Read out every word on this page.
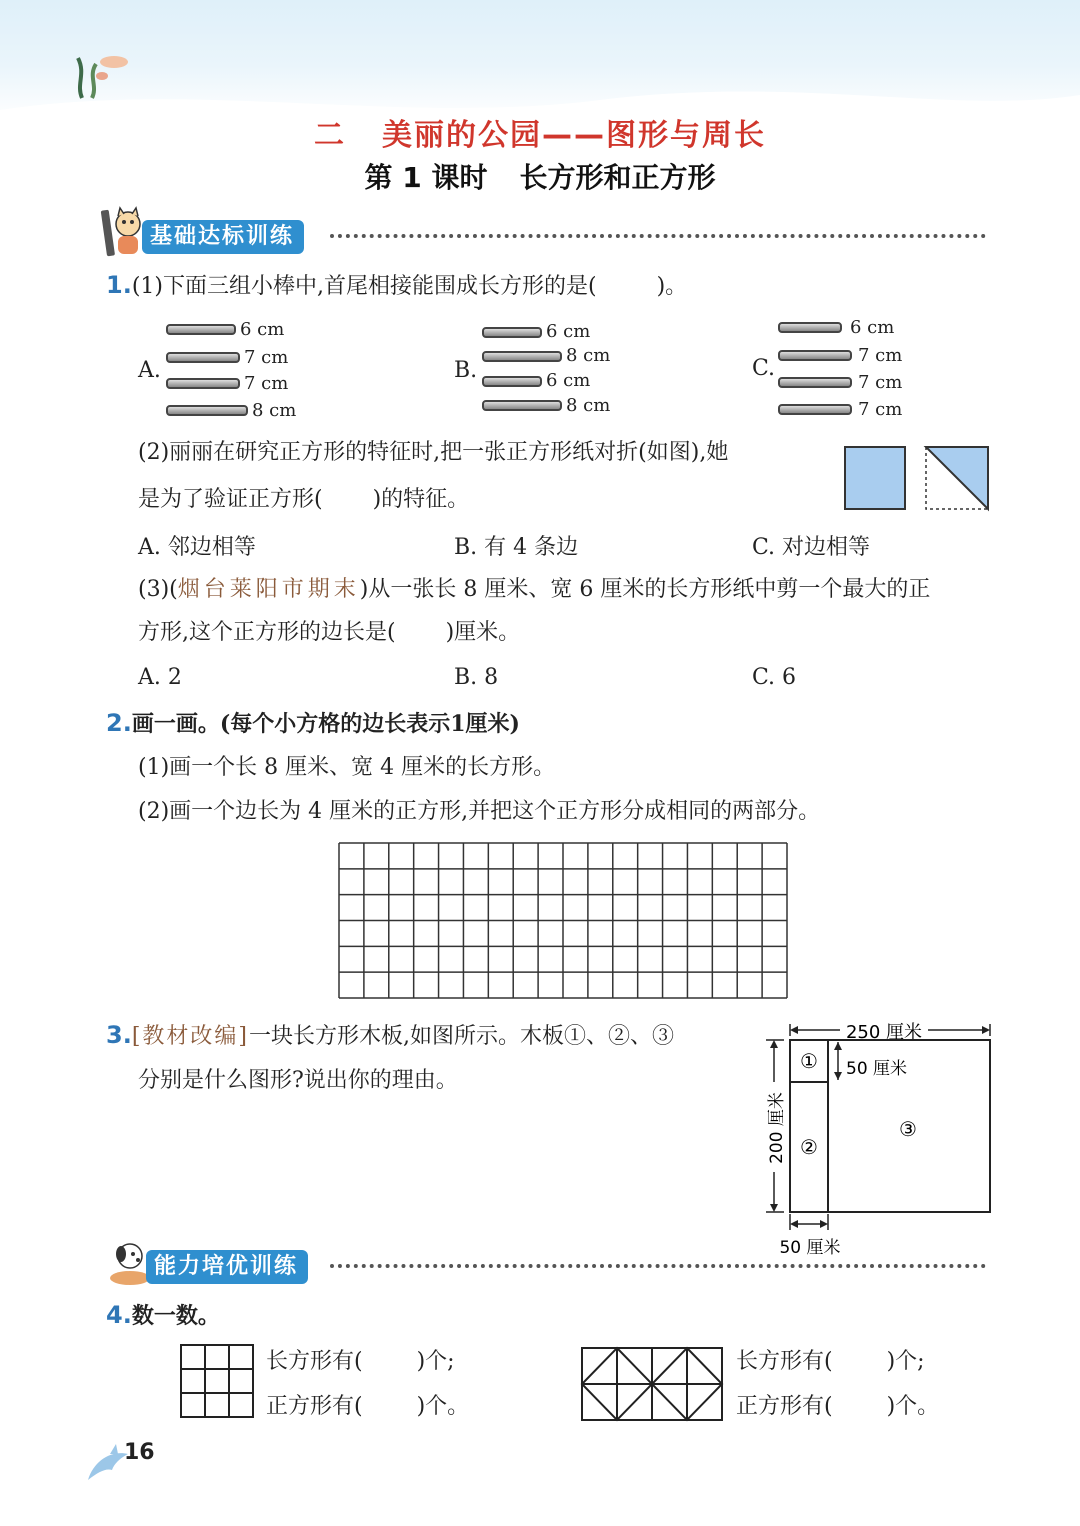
二 美丽的公园——图形与周长
第 1 课时 长方形和正方形
基础达标训练
1.(1)下面三组小棒中,首尾相接能围成长方形的是(	)。
A.
6 cm
7 cm
7 cm
8 cm
B.
6 cm
8 cm
6 cm
8 cm
C.
6 cm
7 cm
7 cm
7 cm
(2)丽丽在研究正方形的特征时,把一张正方形纸对折(如图),她
是为了验证正方形( )的特征。
A. 邻边相等	B. 有 4 条边	C. 对边相等
(3)(烟台莱阳市期末)从一张长 8 厘米、宽 6 厘米的长方形纸中剪一个最大的正
方形,这个正方形的边长是( )厘米。
A. 2	B. 8	C. 6
2.画一画。(每个小方格的边长表示1厘米)
(1)画一个长 8 厘米、宽 4 厘米的长方形。
(2)画一个边长为 4 厘米的正方形,并把这个正方形分成相同的两部分。
3.[教材改编]一块长方形木板,如图所示。木板①、②、③
分别是什么图形?说出你的理由。
250 厘米
①
②
③
50 厘米
200 厘米
50 厘米
能力培优训练
4.数一数。
长方形有( )个;
正方形有( )个。
长方形有( )个;
正方形有( )个。
16
